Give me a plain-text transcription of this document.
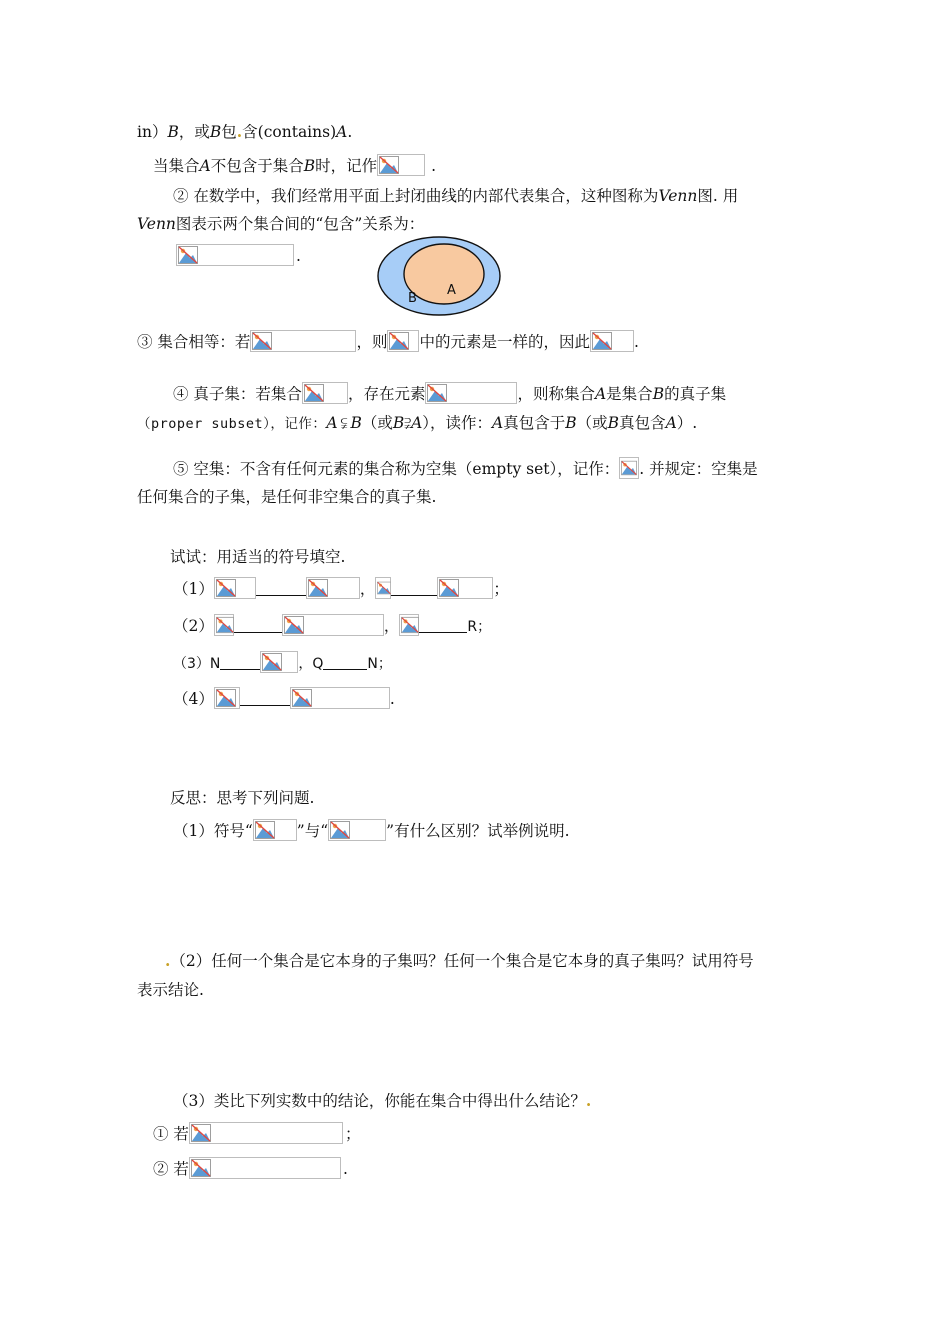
in）B，或B包.含(contains)A.
当集合A不包含于集合B时，记作	.
② 在数学中，我们经常用平面上封闭曲线的内部代表集合，这种图称为Venn图. 用
Venn图表示两个集合间的“包含”关系为：
.
B
A
③ 集合相等：若	，则 中的元素是一样的，因此	.
④ 真子集：若集合	，存在元素	，则称集合A是集合B的真子集
（proper subset），记作：A ⫋ B（或B⫌A），读作：A真包含于B（或B真包含A）.
⑤ 空集：不含有任何元素的集合称为空集（empty set），记作： . 并规定：空集是
任何集合的子集，是任何非空集合的真子集.
试试：用适当的符号填空.
（1）	，	；
（2）	，	R；
（3）N	，Q	N；
（4）	.
反思：思考下列问题.
（1）符号“	”与“	”有什么区别？试举例说明.
.（2）任何一个集合是它本身的子集吗？任何一个集合是它本身的真子集吗？试用符号
表示结论.
（3）类比下列实数中的结论，你能在集合中得出什么结论？.
① 若	；
② 若	.
